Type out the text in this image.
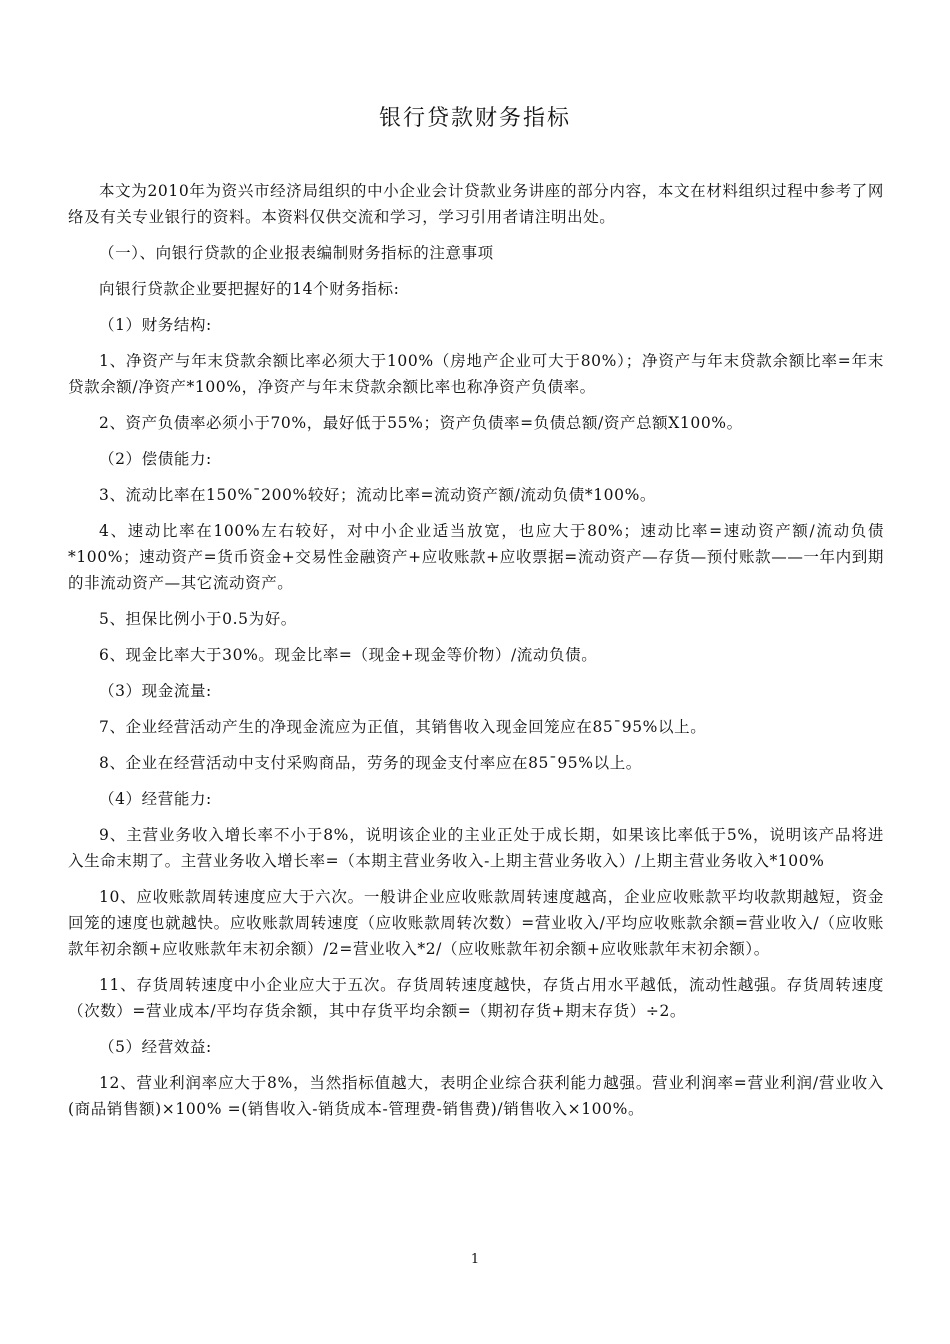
银行贷款财务指标

本文为2010年为资兴市经济局组织的中小企业会计贷款业务讲座的部分内容，本文在材料组织过程中参考了网络及有关专业银行的资料。本资料仅供交流和学习，学习引用者请注明出处。

（一）、向银行贷款的企业报表编制财务指标的注意事项

向银行贷款企业要把握好的14个财务指标:

（1）财务结构:

1、净资产与年末贷款余额比率必须大于100%（房地产企业可大于80%）；净资产与年末贷款余额比率=年末贷款余额/净资产*100%，净资产与年末贷款余额比率也称净资产负债率。

2、资产负债率必须小于70%，最好低于55%；资产负债率=负债总额/资产总额X100%。

（2）偿债能力:

3、流动比率在150%¯200%较好；流动比率=流动资产额/流动负债*100%。

4、速动比率在100%左右较好，对中小企业适当放宽，也应大于80%；速动比率=速动资产额/流动负债*100%；速动资产=货币资金+交易性金融资产+应收账款+应收票据=流动资产—存货—预付账款——一年内到期的非流动资产—其它流动资产。

5、担保比例小于0.5为好。

6、现金比率大于30%。现金比率=（现金+现金等价物）/流动负债。

（3）现金流量:

7、企业经营活动产生的净现金流应为正值，其销售收入现金回笼应在85¯95%以上。

8、企业在经营活动中支付采购商品，劳务的现金支付率应在85¯95%以上。

（4）经营能力:

9、主营业务收入增长率不小于8%，说明该企业的主业正处于成长期，如果该比率低于5%，说明该产品将进入生命末期了。主营业务收入增长率=（本期主营业务收入-上期主营业务收入）/上期主营业务收入*100%

10、应收账款周转速度应大于六次。一般讲企业应收账款周转速度越高，企业应收账款平均收款期越短，资金回笼的速度也就越快。应收账款周转速度（应收账款周转次数）=营业收入/平均应收账款余额=营业收入/（应收账款年初余额+应收账款年末初余额）/2=营业收入*2/（应收账款年初余额+应收账款年末初余额）。

11、存货周转速度中小企业应大于五次。存货周转速度越快，存货占用水平越低，流动性越强。存货周转速度（次数）=营业成本/平均存货余额，其中存货平均余额=（期初存货+期末存货）÷2。

（5）经营效益:

12、营业利润率应大于8%，当然指标值越大，表明企业综合获利能力越强。营业利润率=营业利润/营业收入(商品销售额)×100% =(销售收入-销货成本-管理费-销售费)/销售收入×100%。

1
